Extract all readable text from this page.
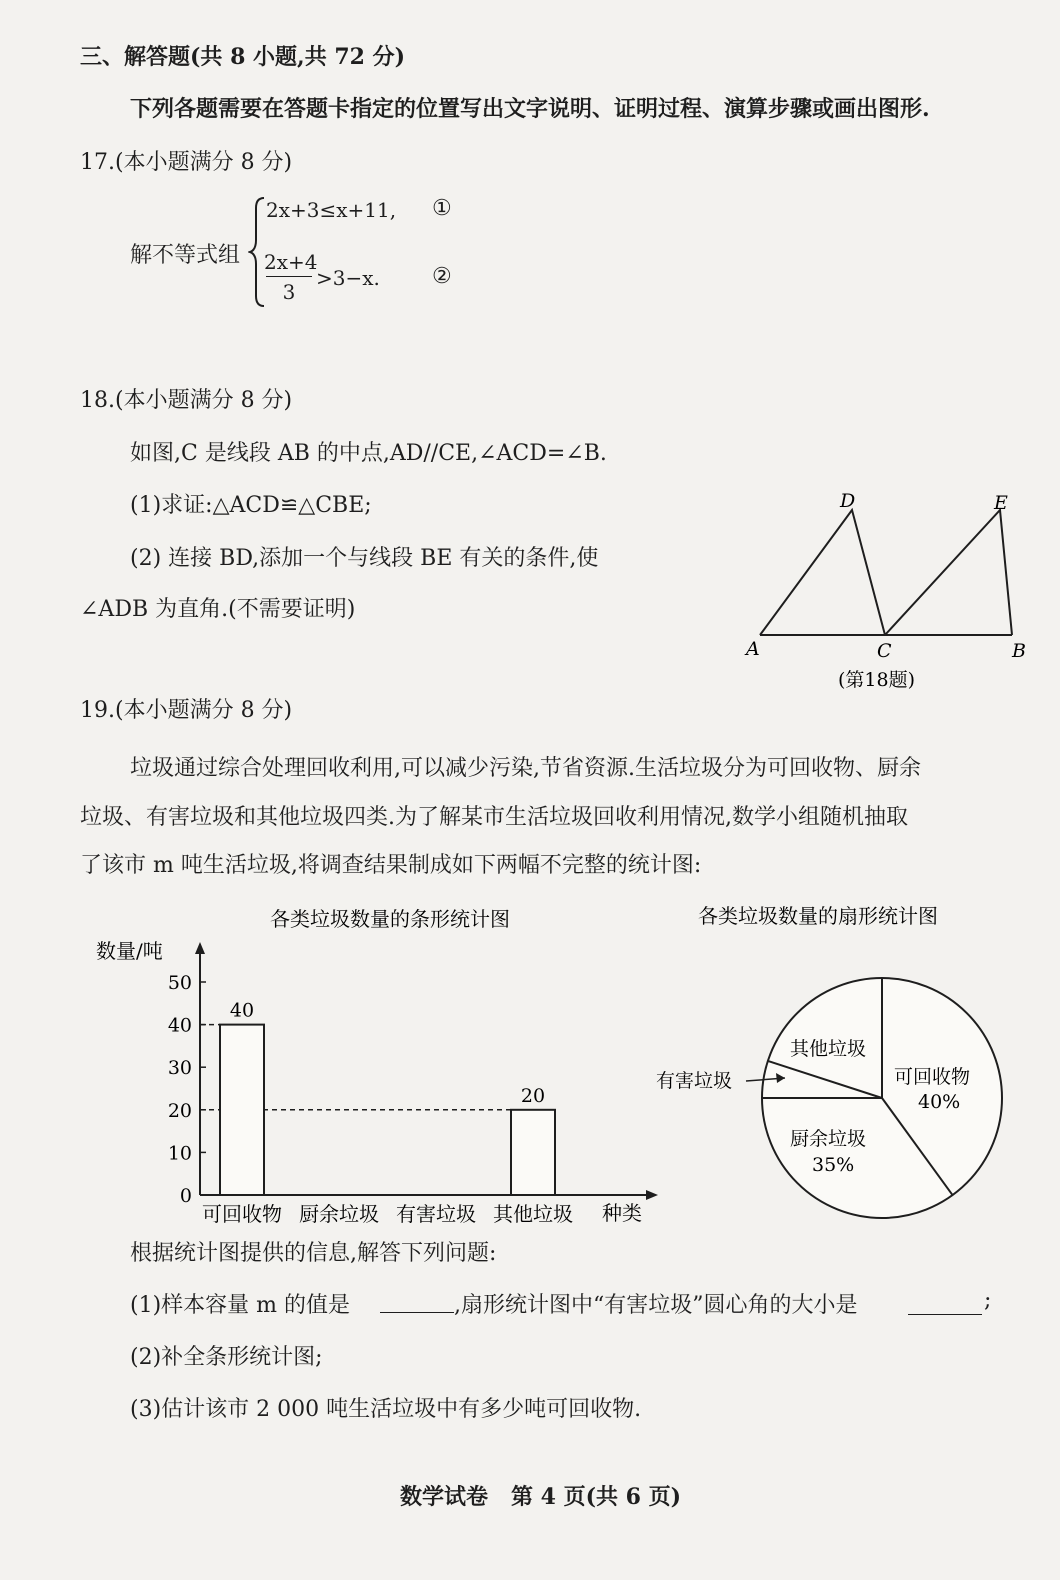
三、解答题(共 8 小题,共 72 分)
下列各题需要在答题卡指定的位置写出文字说明、证明过程、演算步骤或画出图形.
17.(本小题满分 8 分)
解不等式组
2x+3≤x+11, ①
2x+4
3
>3−x. ②
18.(本小题满分 8 分)
如图,C 是线段 AB 的中点,AD//CE,∠ACD=∠B.
(1)求证:△ACD≌△CBE;
(2) 连接 BD,添加一个与线段 BE 有关的条件,使
∠ADB 为直角.(不需要证明)
A
D
C
E
B
(第18题)
19.(本小题满分 8 分)
垃圾通过综合处理回收利用,可以减少污染,节省资源.生活垃圾分为可回收物、厨余
垃圾、有害垃圾和其他垃圾四类.为了解某市生活垃圾回收利用情况,数学小组随机抽取
了该市 m 吨生活垃圾,将调查结果制成如下两幅不完整的统计图:
各类垃圾数量的条形统计图
数量/吨
种类
0
10
20
30
40
50
可回收物 厨余垃圾 有害垃圾 其他垃圾
40
20
各类垃圾数量的扇形统计图
可回收物
40%
厨余垃圾
35%
有害垃圾
其他垃圾
根据统计图提供的信息,解答下列问题:
(1)样本容量 m 的值是	,扇形统计图中“有害垃圾”圆心角的大小是	;
(2)补全条形统计图;
(3)估计该市 2 000 吨生活垃圾中有多少吨可回收物.
数学试卷   第 4 页(共 6 页)
